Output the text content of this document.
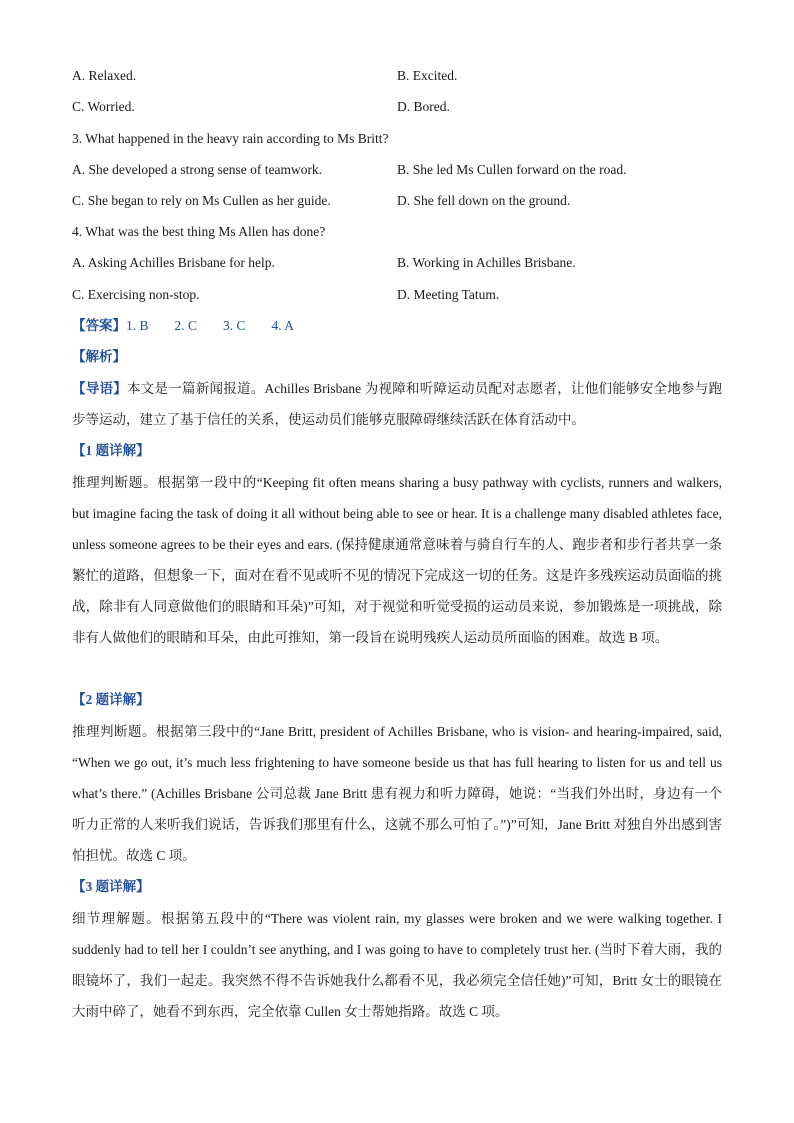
A. Relaxed.	B. Excited.
C. Worried.	D. Bored.
3. What happened in the heavy rain according to Ms Britt?
A. She developed a strong sense of teamwork.	B. She led Ms Cullen forward on the road.
C. She began to rely on Ms Cullen as her guide.	D. She fell down on the ground.
4. What was the best thing Ms Allen has done?
A. Asking Achilles Brisbane for help.	B. Working in Achilles Brisbane.
C. Exercising non-stop.	D. Meeting Tatum.
【答案】1. B 2. C 3. C 4. A
【解析】

【导语】本文是一篇新闻报道。Achilles Brisbane 为视障和听障运动员配对志愿者，让他们能够安全地参与跑步等运动，建立了基于信任的关系，使运动员们能够克服障碍继续活跃在体育活动中。

【1 题详解】

推理判断题。根据第一段中的“Keeping fit often means sharing a busy pathway with cyclists, runners and walkers, but imagine facing the task of doing it all without being able to see or hear. It is a challenge many disabled athletes face, unless someone agrees to be their eyes and ears. (保持健康通常意味着与骑自行车的人、跑步者和步行者共享一条繁忙的道路，但想象一下，面对在看不见或听不见的情况下完成这一切的任务。这是许多残疾运动员面临的挑战，除非有人同意做他们的眼睛和耳朵)”可知，对于视觉和听觉受损的运动员来说，参加锻炼是一项挑战，除非有人做他们的眼睛和耳朵，由此可推知，第一段旨在说明残疾人运动员所面临的困难。故选 B 项。

【2 题详解】

推理判断题。根据第三段中的“Jane Britt, president of Achilles Brisbane, who is vision- and hearing-impaired, said, “When we go out, it’s much less frightening to have someone beside us that has full hearing to listen for us and tell us what’s there.” (Achilles Brisbane 公司总裁 Jane Britt 患有视力和听力障碍，她说：“当我们外出时，身边有一个听力正常的人来听我们说话，告诉我们那里有什么，这就不那么可怕了。”)”可知，Jane Britt 对独自外出感到害怕担忧。故选 C 项。

【3 题详解】

细节理解题。根据第五段中的“There was violent rain, my glasses were broken and we were walking together. I suddenly had to tell her I couldn’t see anything, and I was going to have to completely trust her. (当时下着大雨，我的眼镜坏了，我们一起走。我突然不得不告诉她我什么都看不见，我必须完全信任她)”可知，Britt 女士的眼镜在大雨中碎了，她看不到东西，完全依靠 Cullen 女士帮她指路。故选 C 项。
